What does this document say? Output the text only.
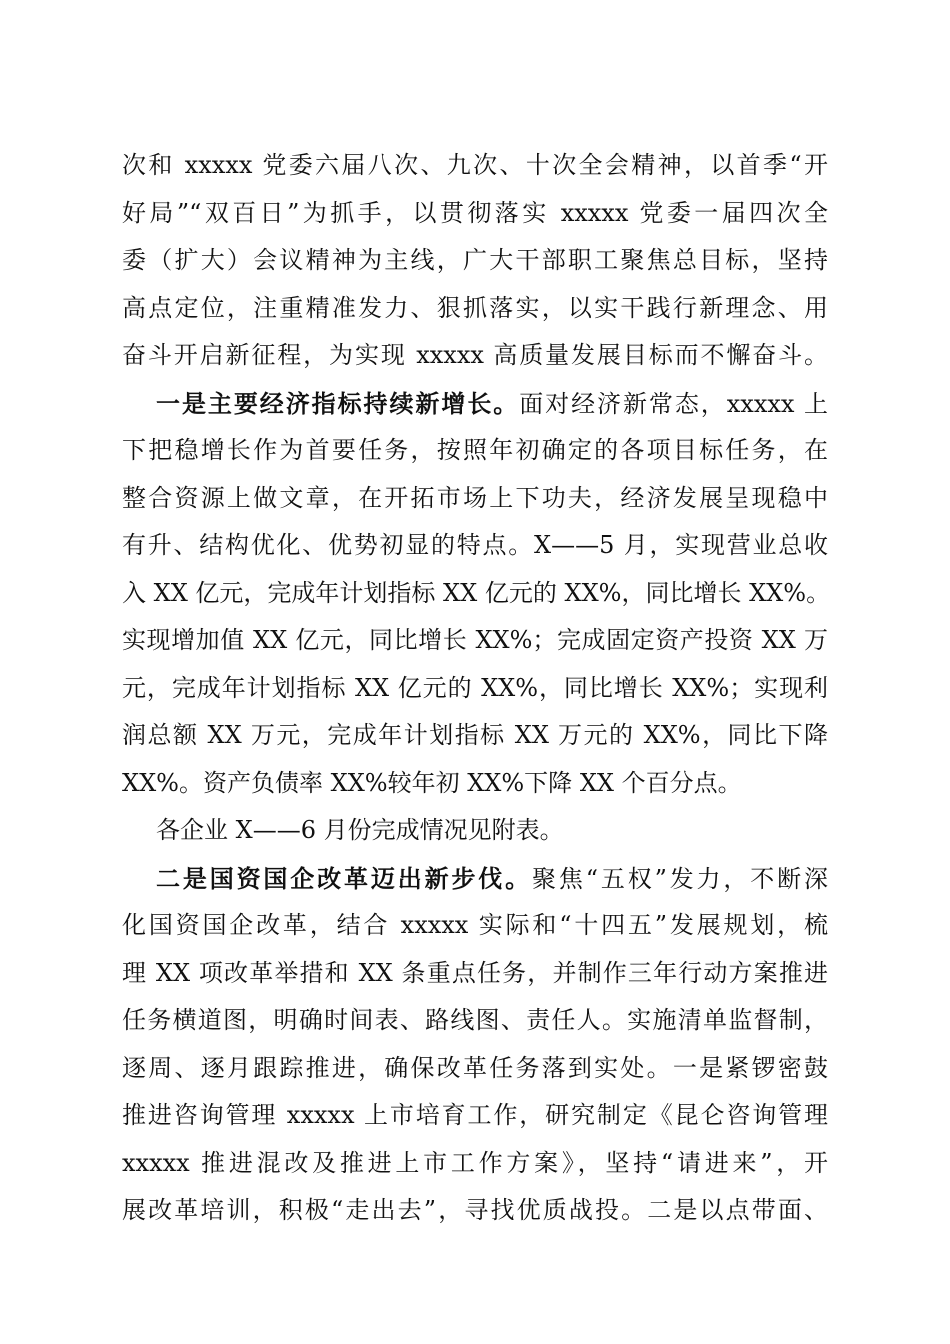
次和 xxxxx 党委六届八次、九次、十次全会精神，以首季“开
好局”“双百日”为抓手，以贯彻落实 xxxxx 党委一届四次全
委（扩大）会议精神为主线，广大干部职工聚焦总目标，坚持
高点定位，注重精准发力、狠抓落实，以实干践行新理念、用
奋斗开启新征程，为实现 xxxxx 高质量发展目标而不懈奋斗。
一是主要经济指标持续新增长。面对经济新常态，xxxxx 上
下把稳增长作为首要任务，按照年初确定的各项目标任务，在
整合资源上做文章，在开拓市场上下功夫，经济发展呈现稳中
有升、结构优化、优势初显的特点。X——5 月，实现营业总收
入 XX 亿元，完成年计划指标 XX 亿元的 XX%，同比增长 XX%。
实现增加值 XX 亿元，同比增长 XX%；完成固定资产投资 XX 万
元，完成年计划指标 XX 亿元的 XX%，同比增长 XX%；实现利
润总额 XX 万元，完成年计划指标 XX 万元的 XX%，同比下降
XX%。资产负债率 XX%较年初 XX%下降 XX 个百分点。
各企业 X——6 月份完成情况见附表。
二是国资国企改革迈出新步伐。聚焦“五权”发力，不断深
化国资国企改革，结合 xxxxx 实际和“十四五”发展规划，梳
理 XX 项改革举措和 XX 条重点任务，并制作三年行动方案推进
任务横道图，明确时间表、路线图、责任人。实施清单监督制，
逐周、逐月跟踪推进，确保改革任务落到实处。一是紧锣密鼓
推进咨询管理 xxxxx 上市培育工作，研究制定《昆仑咨询管理
xxxxx 推进混改及推进上市工作方案》，坚持“请进来”，开
展改革培训，积极“走出去”，寻找优质战投。二是以点带面、
